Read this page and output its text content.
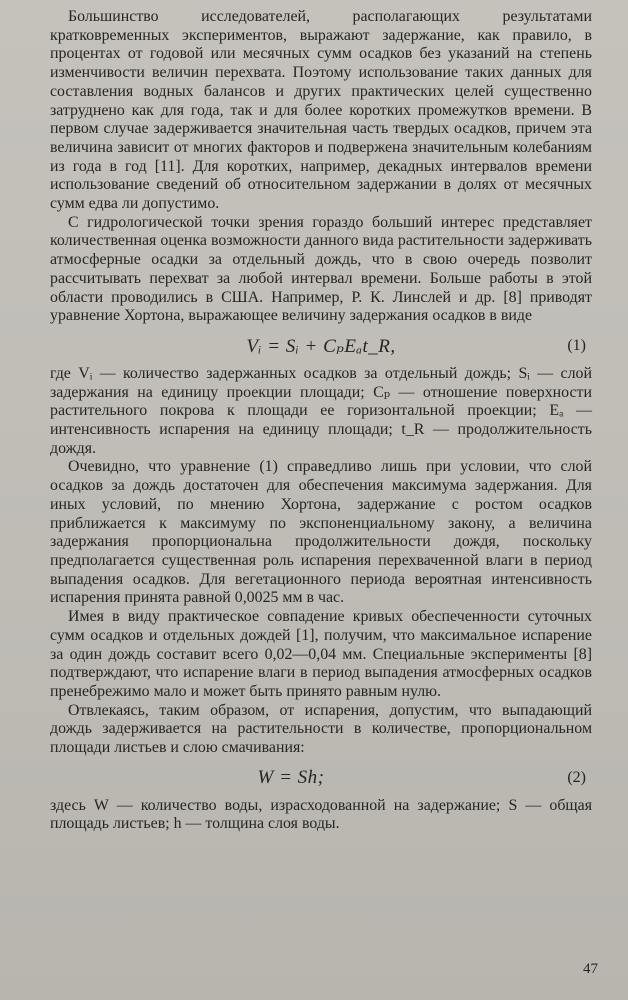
Большинство исследователей, располагающих результатами кратковременных экспериментов, выражают задержание, как правило, в процентах от годовой или месячных сумм осадков без указаний на степень изменчивости величин перехвата. Поэтому использование таких данных для составления водных балансов и других практических целей существенно затруднено как для года, так и для более коротких промежутков времени. В первом случае задерживается значительная часть твердых осадков, причем эта величина зависит от многих факторов и подвержена значительным колебаниям из года в год [11]. Для коротких, например, декадных интервалов времени использование сведений об относительном задержании в долях от месячных сумм едва ли допустимо.

С гидрологической точки зрения гораздо больший интерес представляет количественная оценка возможности данного вида растительности задерживать атмосферные осадки за отдельный дождь, что в свою очередь позволит рассчитывать перехват за любой интервал времени. Больше работы в этой области проводились в США. Например, Р. К. Линслей и др. [8] приводят уравнение Хортона, выражающее величину задержания осадков в виде

Vᵢ = Sᵢ + CₚEₐt_R,	(1)

где Vᵢ — количество задержанных осадков за отдельный дождь; Sᵢ — слой задержания на единицу проекции площади; Cₚ — отношение поверхности растительного покрова к площади ее горизонтальной проекции; Eₐ — интенсивность испарения на единицу площади; t_R — продолжительность дождя.

Очевидно, что уравнение (1) справедливо лишь при условии, что слой осадков за дождь достаточен для обеспечения максимума задержания. Для иных условий, по мнению Хортона, задержание с ростом осадков приближается к максимуму по экспоненциальному закону, а величина задержания пропорциональна продолжительности дождя, поскольку предполагается существенная роль испарения перехваченной влаги в период выпадения осадков. Для вегетационного периода вероятная интенсивность испарения принята равной 0,0025 мм в час.

Имея в виду практическое совпадение кривых обеспеченности суточных сумм осадков и отдельных дождей [1], получим, что максимальное испарение за один дождь составит всего 0,02—0,04 мм. Специальные эксперименты [8] подтверждают, что испарение влаги в период выпадения атмосферных осадков пренебрежимо мало и может быть принято равным нулю.

Отвлекаясь, таким образом, от испарения, допустим, что выпадающий дождь задерживается на растительности в количестве, пропорциональном площади листьев и слою смачивания:

W = Sh;	(2)

здесь W — количество воды, израсходованной на задержание; S — общая площадь листьев; h — толщина слоя воды.

47
